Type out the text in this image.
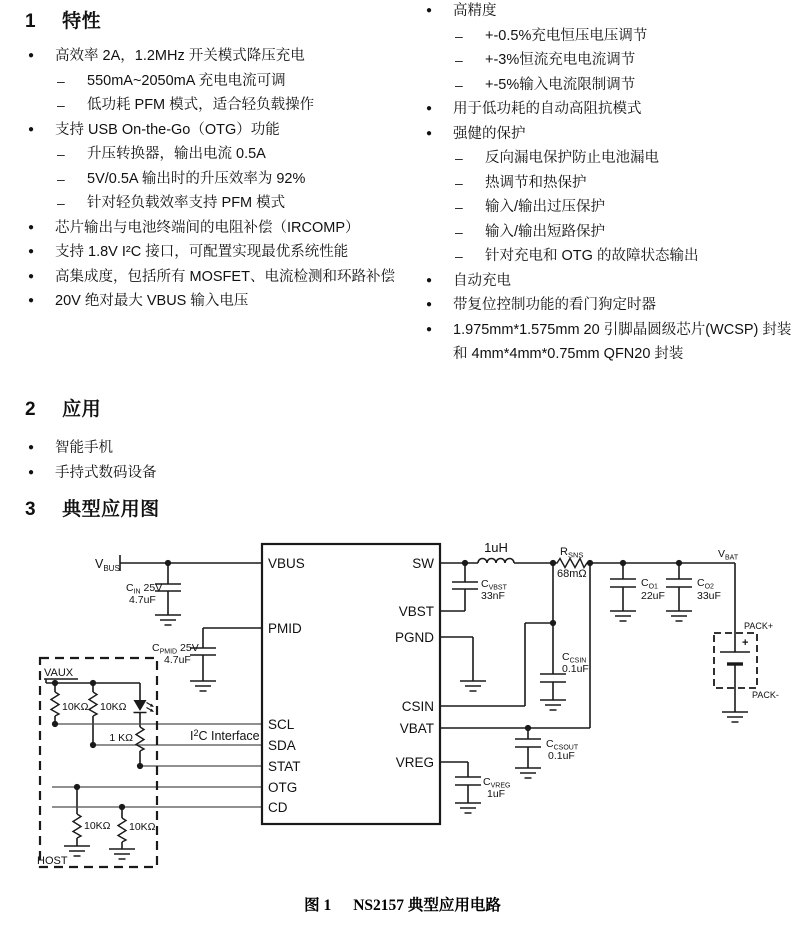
VBUS
PMID
SCL
SDA
STAT
OTG
CD
SW
VBST
PGND
CSIN
VBAT
VREG
$V_{BUS}$
$C_{IN}$ 25V
4.7uF
$C_{PMID}$ 25V
4.7uF
1uH
$C_{VBST}$
33nF
$R_{SNS}$
68mΩ
$C_{O1}$
22uF
$C_{O2}$
33uF
$V_{BAT}$
$C_{CSIN}$
0.1uF
$C_{CSOUT}$
0.1uF
$C_{VREG}$
1uF
PACK+
PACK-
+
VAUX
HOST
10KΩ 10KΩ
1 KΩ
10KΩ 10KΩ
$I^2C$ Interface
1 特性
●	高效率 2A，1.2MHz 开关模式降压充电
–	550mA~2050mA 充电电流可调
–	低功耗 PFM 模式，适合轻负载操作
●	支持 USB On-the-Go（OTG）功能
–	升压转换器，输出电流 0.5A
–	5V/0.5A 输出时的升压效率为 92%
–	针对轻负载效率支持 PFM 模式
●	芯片输出与电池终端间的电阻补偿（IRCOMP）
●	支持 1.8V I²C 接口，可配置实现最优系统性能
●	高集成度，包括所有 MOSFET、电流检测和环路补偿
●	20V 绝对最大 VBUS 输入电压
●	高精度
–	+-0.5%充电恒压电压调节
–	+-3%恒流充电电流调节
–	+-5%输入电流限制调节
●	用于低功耗的自动高阻抗模式
●	强健的保护
–	反向漏电保护防止电池漏电
–	热调节和热保护
–	输入/输出过压保护
–	输入/输出短路保护
–	针对充电和 OTG 的故障状态输出
●	自动充电
●	带复位控制功能的看门狗定时器
●	1.975mm*1.575mm 20 引脚晶圆级芯片(WCSP) 封装和 4mm*4mm*0.75mm QFN20 封装
2 应用
●	智能手机
●	手持式数码设备
3 典型应用图
图 1 NS2157 典型应用电路
